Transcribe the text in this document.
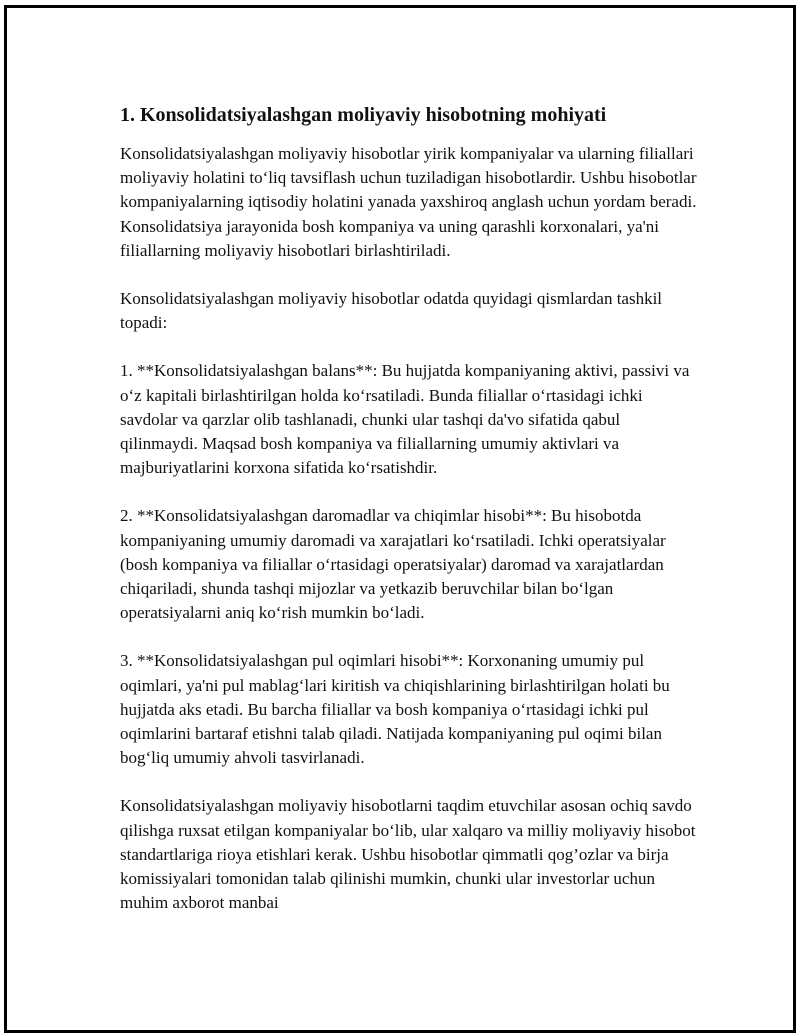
1. Konsolidatsiyalashgan moliyaviy hisobotning mohiyati

Konsolidatsiyalashgan moliyaviy hisobotlar yirik kompaniyalar va ularning filiallari moliyaviy holatini to‘liq tavsiflash uchun tuziladigan hisobotlardir. Ushbu hisobotlar kompaniyalarning iqtisodiy holatini yanada yaxshiroq anglash uchun yordam beradi. Konsolidatsiya jarayonida bosh kompaniya va uning qarashli korxonalari, ya'ni filiallarning moliyaviy hisobotlari birlashtiriladi.

Konsolidatsiyalashgan moliyaviy hisobotlar odatda quyidagi qismlardan tashkil topadi:

1. **Konsolidatsiyalashgan balans**: Bu hujjatda kompaniyaning aktivi, passivi va o‘z kapitali birlashtirilgan holda ko‘rsatiladi. Bunda filiallar o‘rtasidagi ichki savdolar va qarzlar olib tashlanadi, chunki ular tashqi da'vo sifatida qabul qilinmaydi. Maqsad bosh kompaniya va filiallarning umumiy aktivlari va majburiyatlarini korxona sifatida ko‘rsatishdir.

2. **Konsolidatsiyalashgan daromadlar va chiqimlar hisobi**: Bu hisobotda kompaniyaning umumiy daromadi va xarajatlari ko‘rsatiladi. Ichki operatsiyalar (bosh kompaniya va filiallar o‘rtasidagi operatsiyalar) daromad va xarajatlardan chiqariladi, shunda tashqi mijozlar va yetkazib beruvchilar bilan bo‘lgan operatsiyalarni aniq ko‘rish mumkin bo‘ladi.

3. **Konsolidatsiyalashgan pul oqimlari hisobi**: Korxonaning umumiy pul oqimlari, ya'ni pul mablag‘lari kiritish va chiqishlarining birlashtirilgan holati bu hujjatda aks etadi. Bu barcha filiallar va bosh kompaniya o‘rtasidagi ichki pul oqimlarini bartaraf etishni talab qiladi. Natijada kompaniyaning pul oqimi bilan bog‘liq umumiy ahvoli tasvirlanadi.

Konsolidatsiyalashgan moliyaviy hisobotlarni taqdim etuvchilar asosan ochiq savdo qilishga ruxsat etilgan kompaniyalar bo‘lib, ular xalqaro va milliy moliyaviy hisobot standartlariga rioya etishlari kerak. Ushbu hisobotlar qimmatli qog’ozlar va birja komissiyalari tomonidan talab qilinishi mumkin, chunki ular investorlar uchun muhim axborot manbai
